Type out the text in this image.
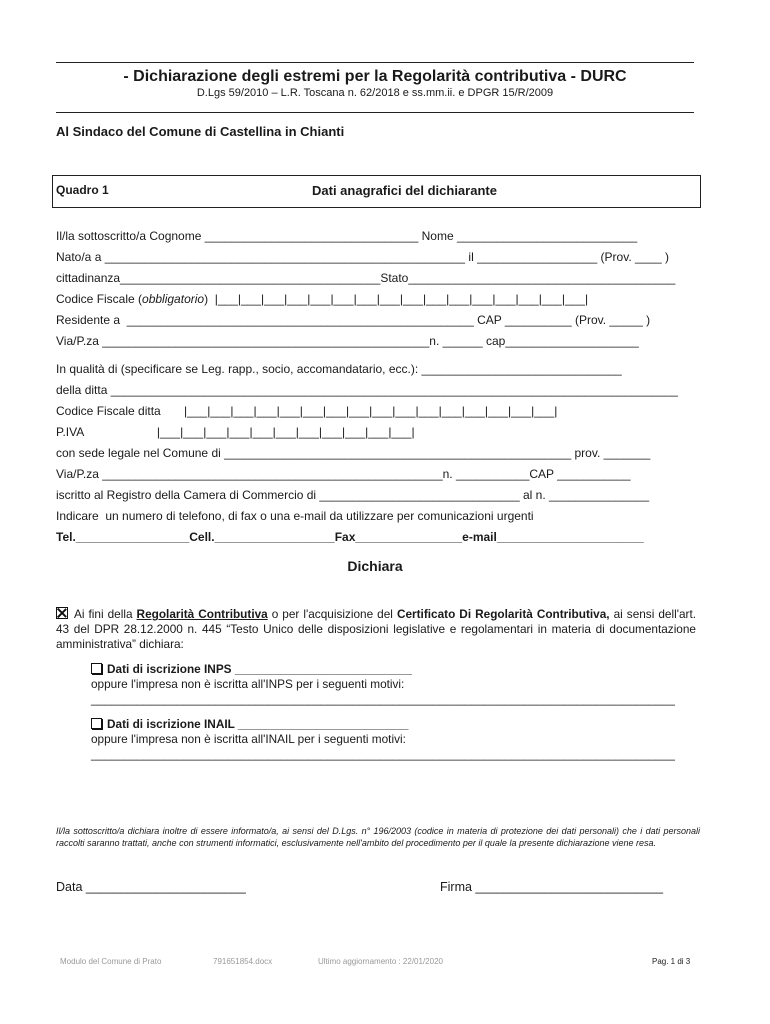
- Dichiarazione degli estremi per la Regolarità contributiva - DURC
D.Lgs 59/2010 – L.R. Toscana n. 62/2018 e ss.mm.ii. e DPGR 15/R/2009
Al Sindaco del Comune di Castellina in Chianti
Quadro 1	Dati anagrafici del dichiarante
Il/la sottoscritto/a Cognome ________________________________ Nome ___________________________
Nato/a a ______________________________________________________ il __________________ (Prov. ____ )
cittadinanza_______________________________________Stato________________________________________
Codice Fiscale (obbligatorio)  |___|___|___|___|___|___|___|___|___|___|___|___|___|___|___|___|
Residente a  ____________________________________________________ CAP __________ (Prov. _____ )
Via/P.za _________________________________________________n. ______ cap____________________
In qualità di (specificare se Leg. rapp., socio, accomandatario, ecc.): ______________________________
della ditta _____________________________________________________________________________________
Codice Fiscale ditta       |___|___|___|___|___|___|___|___|___|___|___|___|___|___|___|___|
P.IVA                      |___|___|___|___|___|___|___|___|___|___|___|
con sede legale nel Comune di ____________________________________________________ prov. _______
Via/P.za ___________________________________________________n. ___________CAP ___________
iscritto al Registro della Camera di Commercio di ______________________________ al n. _______________
Indicare  un numero di telefono, di fax o una e-mail da utilizzare per comunicazioni urgenti
Tel._________________Cell.__________________Fax________________e-mail______________________
Dichiara
Ai fini della Regolarità Contributiva o per l'acquisizione del Certificato Di Regolarità Contributiva, ai sensi dell'art. 43 del DPR 28.12.2000 n. 445 “Testo Unico delle disposizioni legislative e regolamentari in materia di documentazione amministrativa” dichiara:
Dati di iscrizione INPS ___________________________
oppure l'impresa non è iscritta all'INPS per i seguenti motivi:
_________________________________________________________________________________________
Dati di iscrizione INAIL __________________________
oppure l'impresa non è iscritta all'INAIL per i seguenti motivi:
_________________________________________________________________________________________
Il/la sottoscritto/a dichiara inoltre di essere informato/a, ai sensi del D.Lgs. n° 196/2003 (codice in materia di protezione dei dati personali) che i dati personali raccolti saranno trattati, anche con strumenti informatici, esclusivamente nell'ambito del procedimento per il quale la presente dichiarazione viene resa.
Data _______________________	Firma ___________________________
Modulo del Comune di Prato	791651854.docx	Ultimo aggiornamento : 22/01/2020	Pag. 1 di 3
